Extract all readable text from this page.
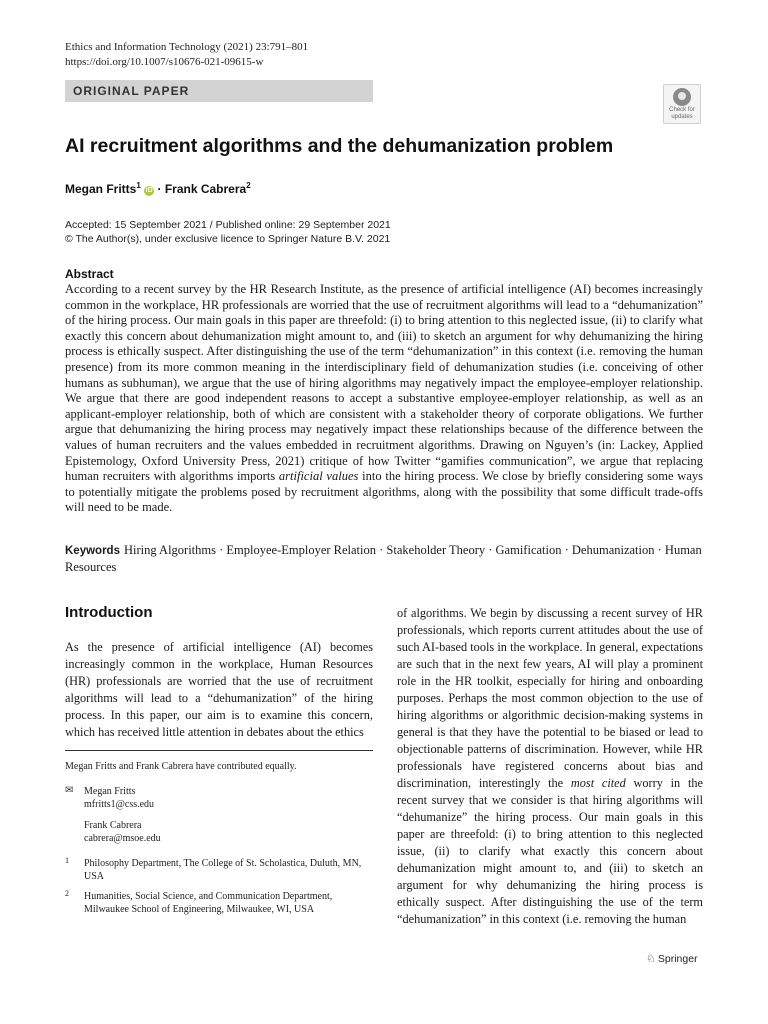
Ethics and Information Technology (2021) 23:791–801
https://doi.org/10.1007/s10676-021-09615-w
ORIGINAL PAPER
Check for
updates
AI recruitment algorithms and the dehumanization problem
Megan Fritts$^1$ iD · Frank Cabrera$^2$
Accepted: 15 September 2021 / Published online: 29 September 2021
© The Author(s), under exclusive licence to Springer Nature B.V. 2021
Abstract
According to a recent survey by the HR Research Institute, as the presence of artificial intelligence (AI) becomes increasingly common in the workplace, HR professionals are worried that the use of recruitment algorithms will lead to a “dehumanization” of the hiring process. Our main goals in this paper are threefold: (i) to bring attention to this neglected issue, (ii) to clarify what exactly this concern about dehumanization might amount to, and (iii) to sketch an argument for why dehumanizing the hiring process is ethically suspect. After distinguishing the use of the term “dehumanization” in this context (i.e. removing the human presence) from its more common meaning in the interdisciplinary field of dehumanization studies (i.e. conceiving of other humans as subhuman), we argue that the use of hiring algorithms may negatively impact the employee-employer relationship. We argue that there are good independent reasons to accept a substantive employee-employer relationship, as well as an applicant-employer relationship, both of which are consistent with a stakeholder theory of corporate obligations. We further argue that dehumanizing the hiring process may negatively impact these relationships because of the difference between the values of human recruiters and the values embedded in recruitment algorithms. Drawing on Nguyen’s (in: Lackey, Applied Epistemology, Oxford University Press, 2021) critique of how Twitter “gamifies communication”, we argue that replacing human recruiters with algorithms imports artificial values into the hiring process. We close by briefly considering some ways to potentially mitigate the problems posed by recruitment algorithms, along with the possibility that some difficult trade-offs will need to be made.
Keywords Hiring Algorithms · Employee-Employer Relation · Stakeholder Theory · Gamification · Dehumanization · Human Resources
Introduction
As the presence of artificial intelligence (AI) becomes increasingly common in the workplace, Human Resources (HR) professionals are worried that the use of recruitment algorithms will lead to a “dehumanization” of the hiring process. In this paper, our aim is to examine this concern, which has received little attention in debates about the ethics
Megan Fritts and Frank Cabrera have contributed equally.
✉ Megan Fritts
mfritts1@css.edu
Frank Cabrera
cabrera@msoe.edu
1 Philosophy Department, The College of St. Scholastica, Duluth, MN, USA
2 Humanities, Social Science, and Communication Department, Milwaukee School of Engineering, Milwaukee, WI, USA
of algorithms. We begin by discussing a recent survey of HR professionals, which reports current attitudes about the use of such AI-based tools in the workplace. In general, expectations are such that in the next few years, AI will play a prominent role in the HR toolkit, especially for hiring and onboarding purposes. Perhaps the most common objection to the use of hiring algorithms or algorithmic decision-making systems in general is that they have the potential to be biased or lead to objectionable patterns of discrimination. However, while HR professionals have registered concerns about bias and discrimination, interestingly the most cited worry in the recent survey that we consider is that hiring algorithms will “dehumanize” the hiring process. Our main goals in this paper are threefold: (i) to bring attention to this neglected issue, (ii) to clarify what exactly this concern about dehumanization might amount to, and (iii) to sketch an argument for why dehumanizing the hiring process is ethically suspect. After distinguishing the use of the term “dehumanization” in this context (i.e. removing the human
♘ Springer
